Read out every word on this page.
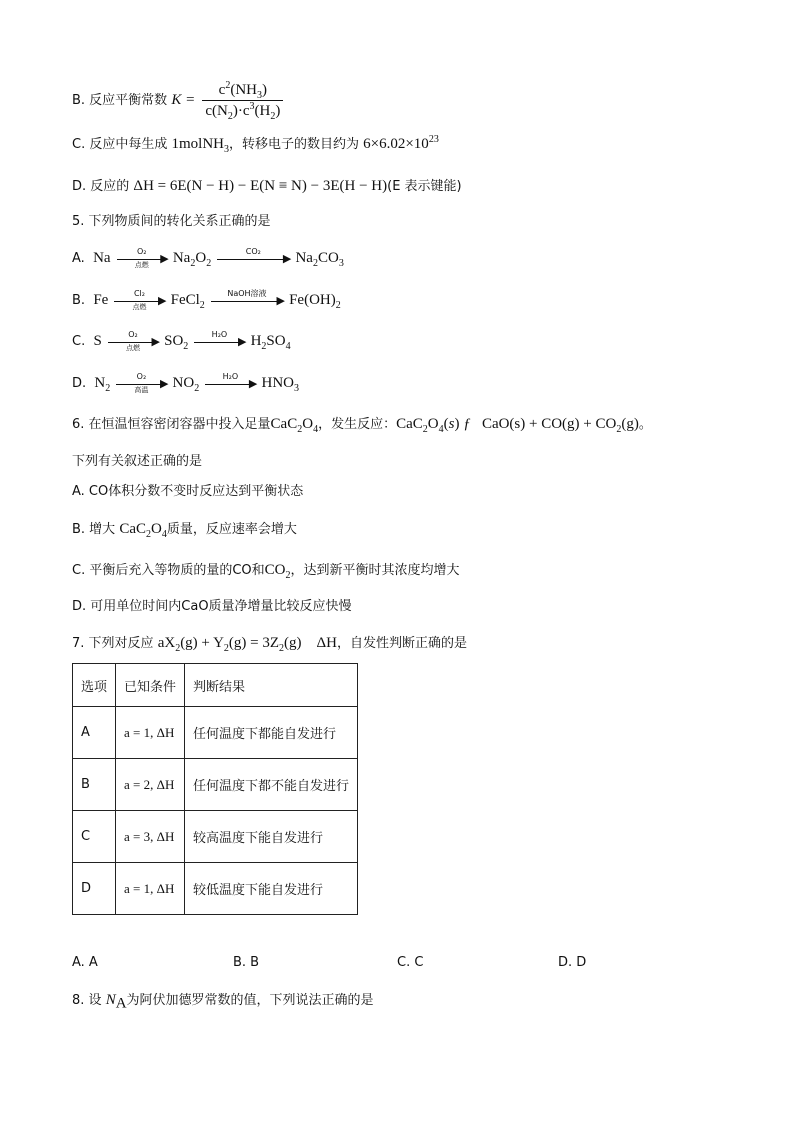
B. 反应平衡常数 $K = \frac{c^2(NH_3)}{c(N_2)\cdot c^3(H_2)}$
C. 反应中每生成 1molNH$_3$，转移电子的数目约为 $6\times 6.02\times 10^{23}$
D. 反应的 ΔH = 6E(N − H) − E(N ≡ N) − 3E(H − H)(E 表示键能)
5. 下列物质间的转化关系正确的是
A. Na	O₂
▶
点燃	$Na_2O_2$
CO₂
▶ $Na_2CO_3$
B. Fe	Cl₂
▶
点燃	FeCl$_2$
NaOH溶液
▶ $Fe(OH)_2$
C. S	O₂
▶
点燃	$SO_2$
H₂O
▶ $H_2SO_4$
D. $N_2$
O₂
▶
高温	$NO_2$
H₂O
▶ $HNO_3$
6. 在恒温恒容密闭容器中投入足量$CaC_2O_4$，发生反应：$CaC_2O_4(s)$ ƒ   $CaO(s) + CO(g) + CO_2(g)$。
下列有关叙述正确的是
A. CO体积分数不变时反应达到平衡状态
B. 增大 $CaC_2O_4$质量，反应速率会增大
C. 平衡后充入等物质的量的CO和$CO_2$，达到新平衡时其浓度均增大
D. 可用单位时间内CaO质量净增量比较反应快慢
7. 下列对反应 $aX_2(g) + Y_2(g) = 3Z_2(g)$    ΔH，自发性判断正确的是
选项	已知条件	判断结果
A	a = 1, ΔH	任何温度下都能自发进行
B	a = 2, ΔH	任何温度下都不能自发进行
C	a = 3, ΔH	较高温度下能自发进行
D	a = 1, ΔH	较低温度下能自发进行
A. A	B. B	C. C	D. D
8. 设 $N_A$为阿伏加德罗常数的值，下列说法正确的是
